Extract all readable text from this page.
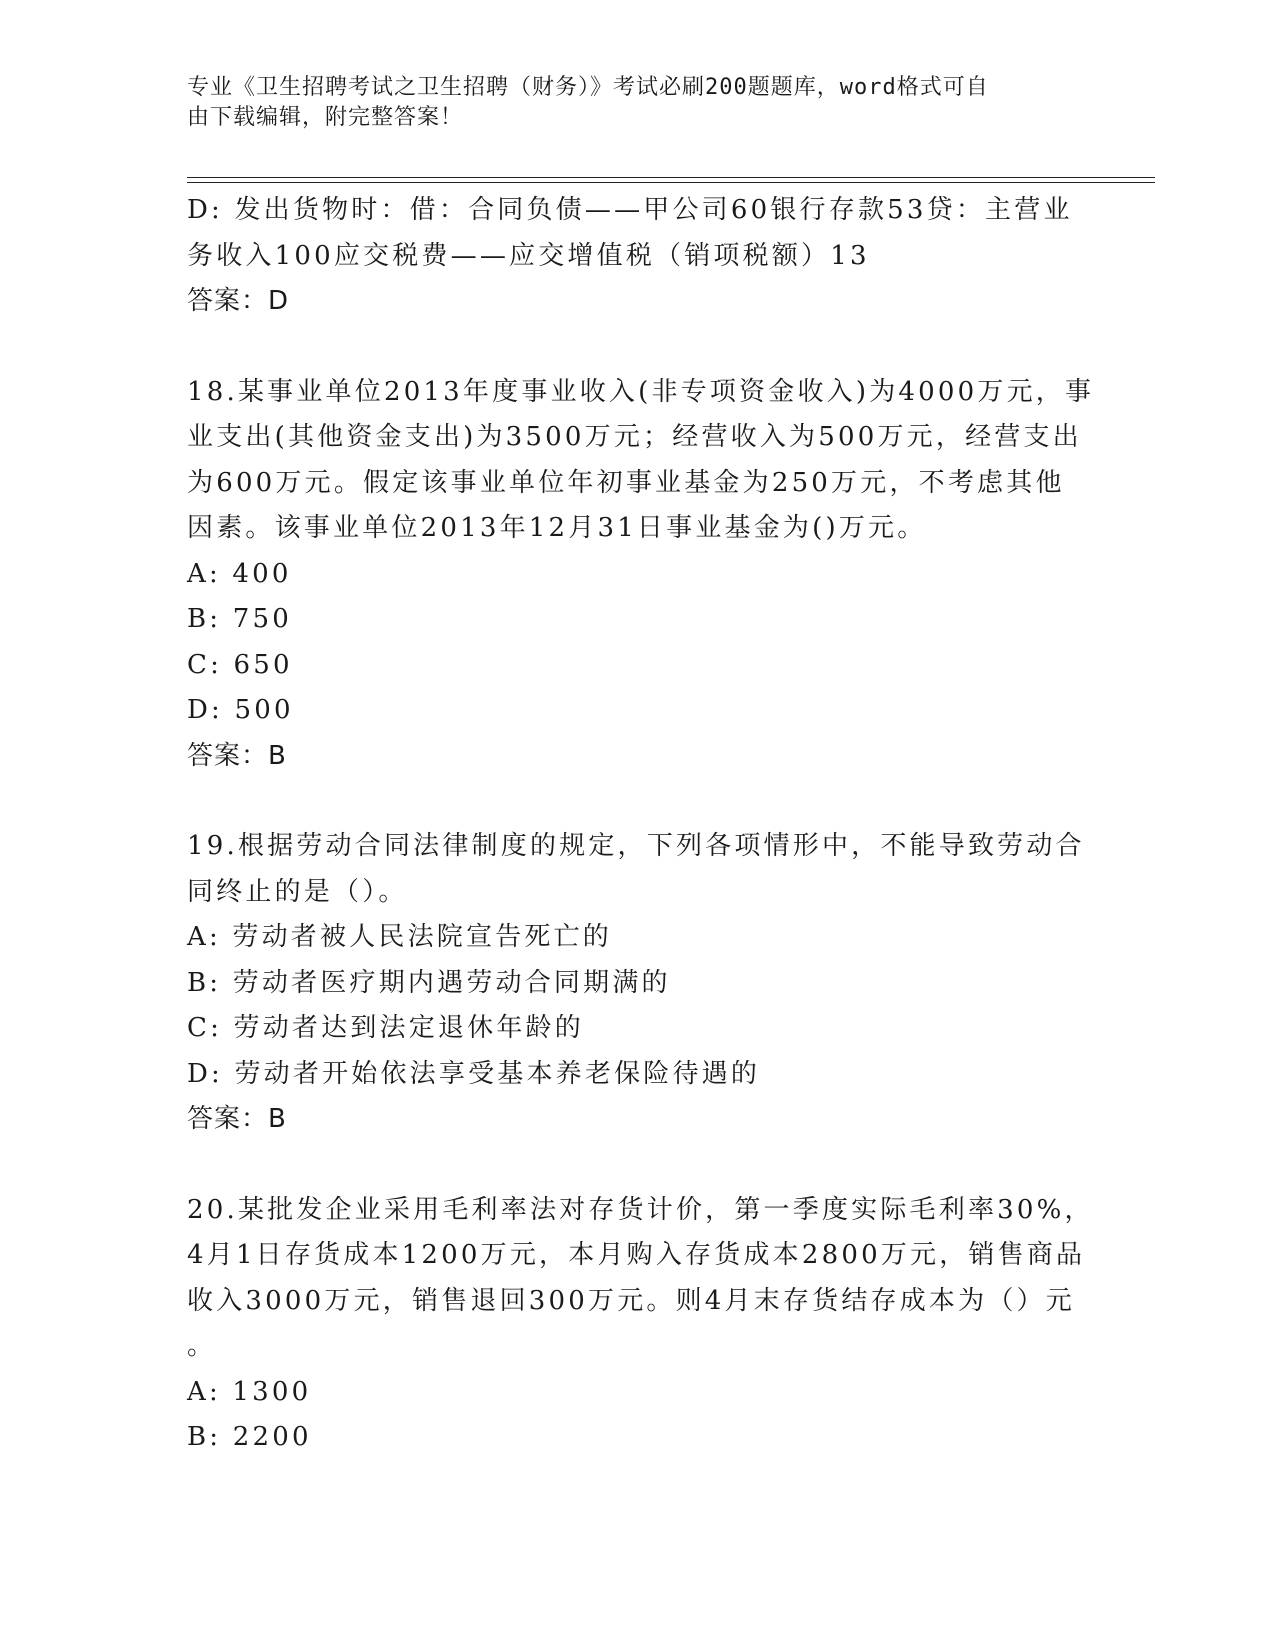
专业《卫生招聘考试之卫生招聘（财务）》考试必刷200题题库，word格式可自

由下载编辑，附完整答案！

D: 发出货物时：借：合同负债——甲公司60银行存款53贷：主营业

务收入100应交税费——应交增值税（销项税额）13

答案：D

18.某事业单位2013年度事业收入(非专项资金收入)为4000万元，事

业支出(其他资金支出)为3500万元；经营收入为500万元，经营支出

为600万元。假定该事业单位年初事业基金为250万元，不考虑其他

因素。该事业单位2013年12月31日事业基金为()万元。

A: 400

B: 750

C: 650

D: 500

答案：B

19.根据劳动合同法律制度的规定，下列各项情形中，不能导致劳动合

同终止的是（）。

A: 劳动者被人民法院宣告死亡的

B: 劳动者医疗期内遇劳动合同期满的

C: 劳动者达到法定退休年龄的

D: 劳动者开始依法享受基本养老保险待遇的

答案：B

20.某批发企业采用毛利率法对存货计价，第一季度实际毛利率30%，

4月1日存货成本1200万元，本月购入存货成本2800万元，销售商品

收入3000万元，销售退回300万元。则4月末存货结存成本为（）元

。

A: 1300

B: 2200
